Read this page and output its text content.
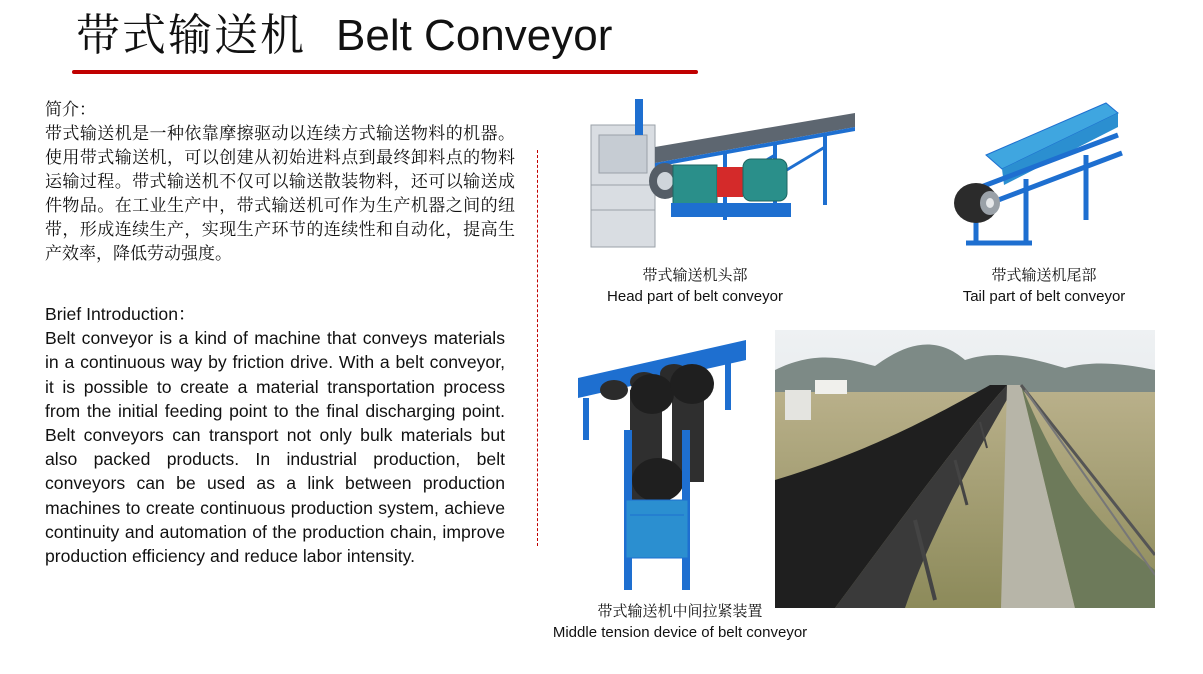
带式输送机 Belt Conveyor
简介：
带式输送机是一种依靠摩擦驱动以连续方式输送物料的机器。使用带式输送机，可以创建从初始进料点到最终卸料点的物料运输过程。带式输送机不仅可以输送散装物料，还可以输送成件物品。在工业生产中，带式输送机可作为生产机器之间的纽带，形成连续生产，实现生产环节的连续性和自动化，提高生产效率，降低劳动强度。
Brief Introduction：
Belt conveyor is a kind of machine that conveys materials in a continuous way by friction drive. With a belt conveyor, it is possible to create a material transportation process from the initial feeding point to the final discharging point. Belt conveyors can transport not only bulk materials but also packed products. In industrial production, belt conveyors can be used as a link between production machines to create continuous production system, achieve continuity and automation of the production chain, improve production efficiency and reduce labor intensity.
带式输送机头部
Head part of belt conveyor
带式输送机尾部
Tail part of belt conveyor
带式输送机中间拉紧装置
Middle tension device of belt conveyor
